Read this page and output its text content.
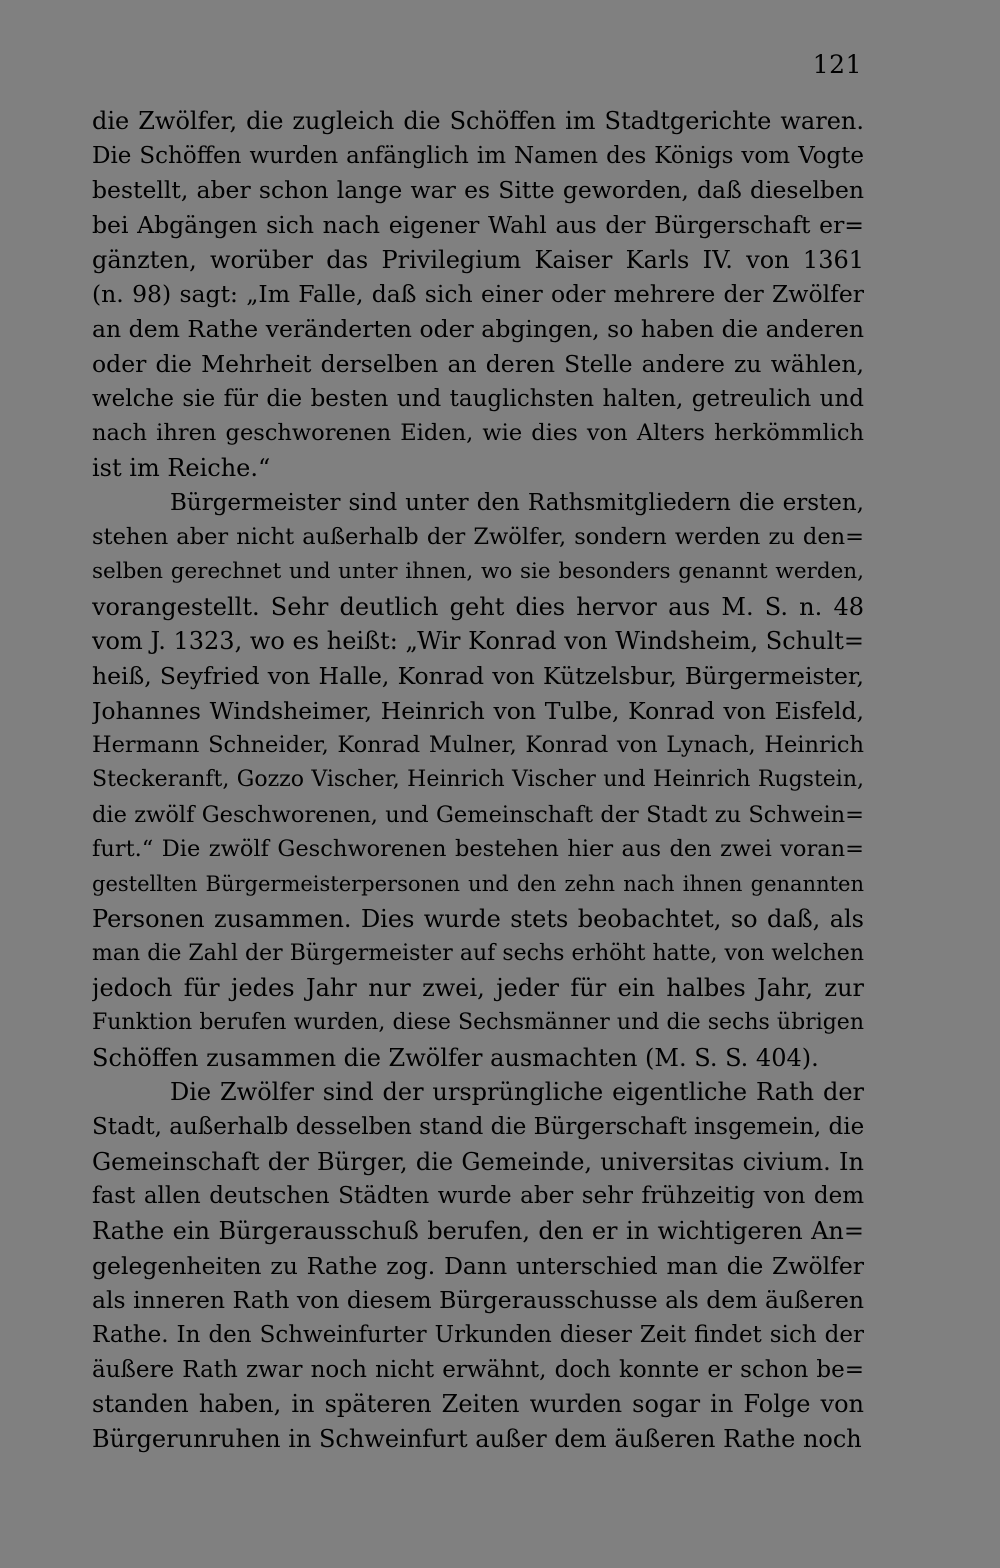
121
die Zwölfer, die zugleich die Schöffen im Stadtgerichte waren.
Die Schöffen wurden anfänglich im Namen des Königs vom Vogte
bestellt, aber schon lange war es Sitte geworden, daß dieselben
bei Abgängen sich nach eigener Wahl aus der Bürgerschaft er=
gänzten, worüber das Privilegium Kaiser Karls IV. von 1361
(n. 98) sagt: „Im Falle, daß sich einer oder mehrere der Zwölfer
an dem Rathe veränderten oder abgingen, so haben die anderen
oder die Mehrheit derselben an deren Stelle andere zu wählen,
welche sie für die besten und tauglichsten halten, getreulich und
nach ihren geschworenen Eiden, wie dies von Alters herkömmlich
ist im Reiche.“
Bürgermeister sind unter den Rathsmitgliedern die ersten,
stehen aber nicht außerhalb der Zwölfer, sondern werden zu den=
selben gerechnet und unter ihnen, wo sie besonders genannt werden,
vorangestellt. Sehr deutlich geht dies hervor aus M. S. n. 48
vom J. 1323, wo es heißt: „Wir Konrad von Windsheim, Schult=
heiß, Seyfried von Halle, Konrad von Kützelsbur, Bürgermeister,
Johannes Windsheimer, Heinrich von Tulbe, Konrad von Eisfeld,
Hermann Schneider, Konrad Mulner, Konrad von Lynach, Heinrich
Steckeranft, Gozzo Vischer, Heinrich Vischer und Heinrich Rugstein,
die zwölf Geschworenen, und Gemeinschaft der Stadt zu Schwein=
furt.“ Die zwölf Geschworenen bestehen hier aus den zwei voran=
gestellten Bürgermeisterpersonen und den zehn nach ihnen genannten
Personen zusammen. Dies wurde stets beobachtet, so daß, als
man die Zahl der Bürgermeister auf sechs erhöht hatte, von welchen
jedoch für jedes Jahr nur zwei, jeder für ein halbes Jahr, zur
Funktion berufen wurden, diese Sechsmänner und die sechs übrigen
Schöffen zusammen die Zwölfer ausmachten (M. S. S. 404).
Die Zwölfer sind der ursprüngliche eigentliche Rath der
Stadt, außerhalb desselben stand die Bürgerschaft insgemein, die
Gemeinschaft der Bürger, die Gemeinde, universitas civium. In
fast allen deutschen Städten wurde aber sehr frühzeitig von dem
Rathe ein Bürgerausschuß berufen, den er in wichtigeren An=
gelegenheiten zu Rathe zog. Dann unterschied man die Zwölfer
als inneren Rath von diesem Bürgerausschusse als dem äußeren
Rathe. In den Schweinfurter Urkunden dieser Zeit findet sich der
äußere Rath zwar noch nicht erwähnt, doch konnte er schon be=
standen haben, in späteren Zeiten wurden sogar in Folge von
Bürgerunruhen in Schweinfurt außer dem äußeren Rathe noch
